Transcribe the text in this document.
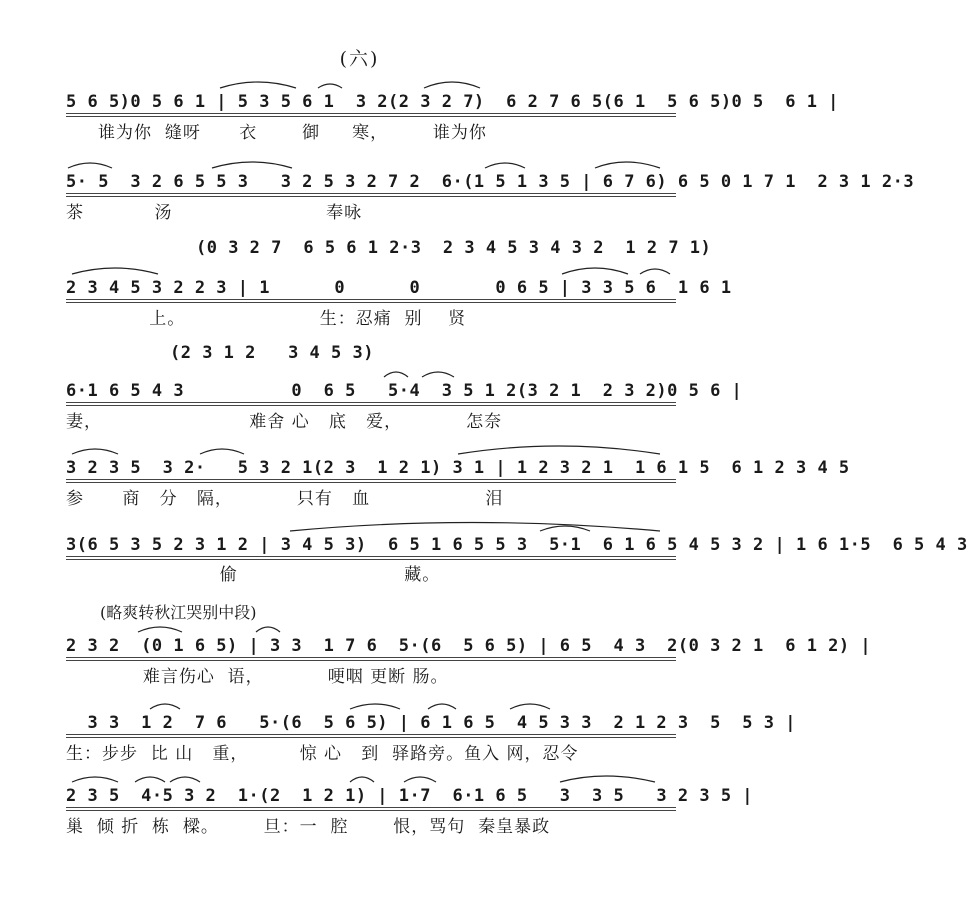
(六)
5 6 5)0 5 6 1 | 5 3 5 6 1  3 2(2 3 2 7)  6 2 7 6 5(6 1  5 6 5)0 5  6 1 |
谁为你  缝呀      衣       御     寒，       谁为你
5· 5  3 2 6 5 5 3   3 2 5 3 2 7 2  6·(1 5 1 3 5 | 6 7 6) 6 5 0 1 7 1  2 3 1 2·3
茶           汤                        奉咏
(0 3 2 7  6 5 6 1 2·3  2 3 4 5 3 4 3 2  1 2 7 1)
2 3 4 5 3 2 2 3 | 1      0      0       0 6 5 | 3 3 5 6  1 6 1
上。                     生：忍痛  别    贤
(2 3 1 2   3 4 5 3)
6·1 6 5 4 3          0  6 5   5·4  3 5 1 2(3 2 1  2 3 2)0 5 6 |
妻，                       难舍 心   底   爱，          怎奈
3 2 3 5  3 2·   5 3 2 1(2 3  1 2 1) 3 1 | 1 2 3 2 1  1 6 1 5  6 1 2 3 4 5
参      商   分   隔，          只有   血                  泪
3(6 5 3 5 2 3 1 2 | 3 4 5 3)  6 5 1 6 5 5 3  5·1  6 1 6 5 4 5 3 2 | 1 6 1·5  6 5 4 3
偷                          藏。
(略爽转秋江哭别中段)
2 3 2  (0 1 6 5) | 3 3  1 7 6  5·(6  5 6 5) | 6 5  4 3  2(0 3 2 1  6 1 2) |
难言伤心  语，          哽咽 更断 肠。
3 3  1 2  7 6   5·(6  5 6 5) | 6 1 6 5  4 5 3 3  2 1 2 3  5  5 3 |
生：步步  比 山   重，        惊 心   到  驿路旁。鱼入 网，忍令
2 3 5  4·5 3 2  1·(2  1 2 1) | 1·7  6·1 6 5   3  3 5   3 2 3 5 |
巢  倾 折  栋  樑。       旦：一  腔       恨，骂句  秦皇暴政
